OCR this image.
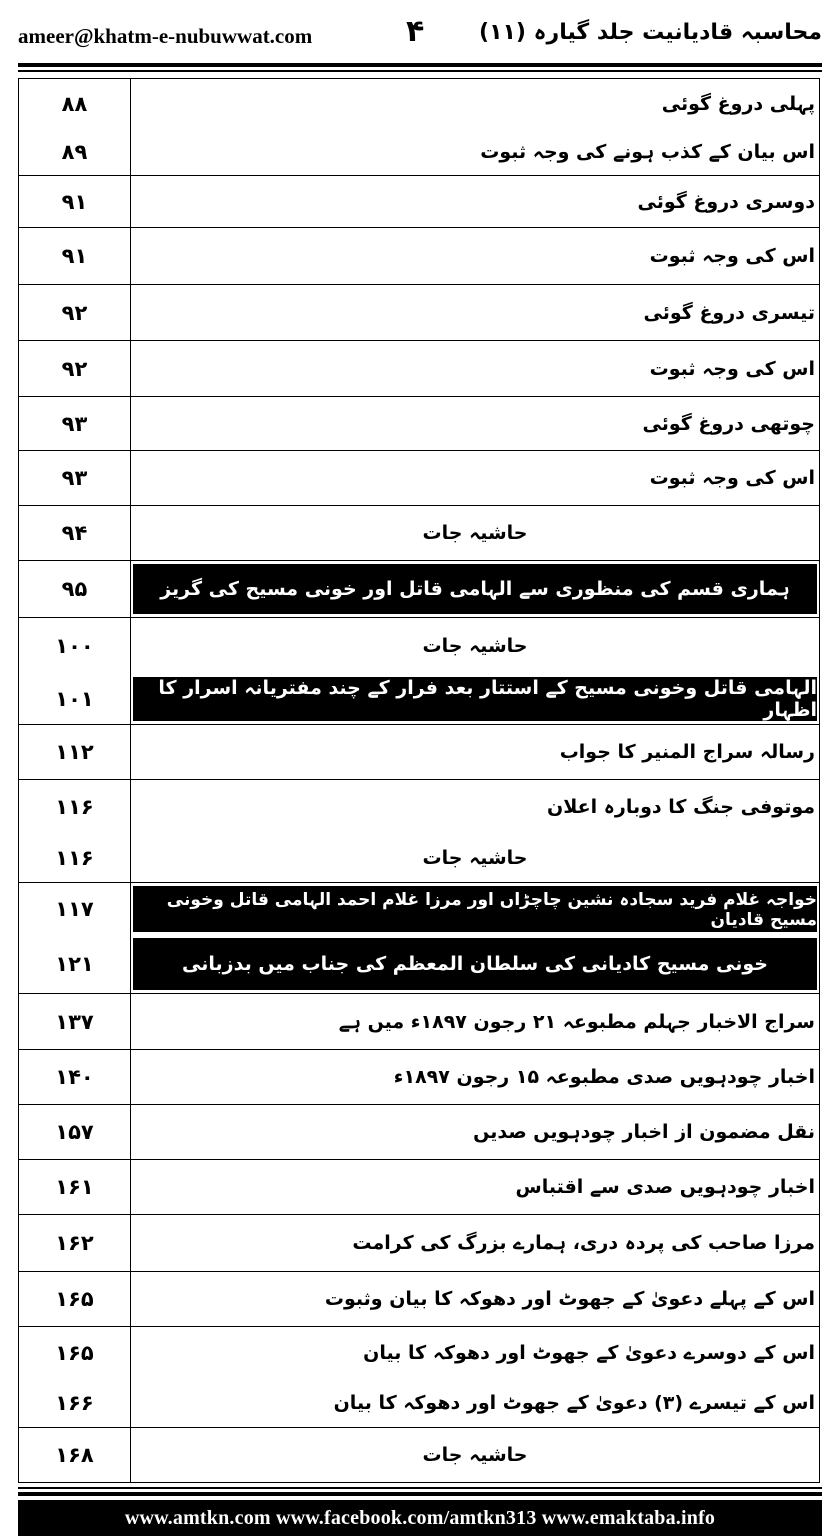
ameer@khatm-e-nubuwwat.com	۴ محاسبہ قادیانیت جلد گیارہ (۱۱)
۸۸	پہلی دروغ گوئی
۸۹	اس بیان کے کذب ہونے کی وجہ ثبوت
۹۱	دوسری دروغ گوئی
۹۱	اس کی وجہ ثبوت
۹۲	تیسری دروغ گوئی
۹۲	اس کی وجہ ثبوت
۹۳	چوتھی دروغ گوئی
۹۳	اس کی وجہ ثبوت
۹۴	حاشیہ جات
۹۵	ہماری قسم کی منظوری سے الہامی قاتل اور خونی مسیح کی گریز
۱۰۰	حاشیہ جات
۱۰۱	الہامی قاتل وخونی مسیح کے استتار بعد فرار کے چند مفتریانہ اسرار کا اظہار
۱۱۲	رسالہ سراج المنیر کا جواب
۱۱۶	موتوفی جنگ کا دوبارہ اعلان
۱۱۶	حاشیہ جات
۱۱۷	خواجہ غلام فرید سجادہ نشین چاچڑاں اور مرزا غلام احمد الہامی قاتل وخونی مسیح قادیان
۱۲۱	خونی مسیح کادیانی کی سلطان المعظم کی جناب میں بدزبانی
۱۳۷	سراج الاخبار جہلم مطبوعہ ۲۱ رجون ۱۸۹۷ء میں ہے
۱۴۰	اخبار چودہویں صدی مطبوعہ ۱۵ رجون ۱۸۹۷ء
۱۵۷	نقل مضمون از اخبار چودہویں صدیں
۱۶۱	اخبار چودہویں صدی سے اقتباس
۱۶۲	مرزا صاحب کی پردہ دری، ہمارے بزرگ کی کرامت
۱۶۵	اس کے پہلے دعویٰ کے جھوٹ اور دھوکہ کا بیان وثبوت
۱۶۵	اس کے دوسرے دعویٰ کے جھوٹ اور دھوکہ کا بیان
۱۶۶	اس کے تیسرے (۳) دعویٰ کے جھوٹ اور دھوکہ کا بیان
۱۶۸	حاشیہ جات
www.amtkn.com www.facebook.com/amtkn313 www.emaktaba.info
